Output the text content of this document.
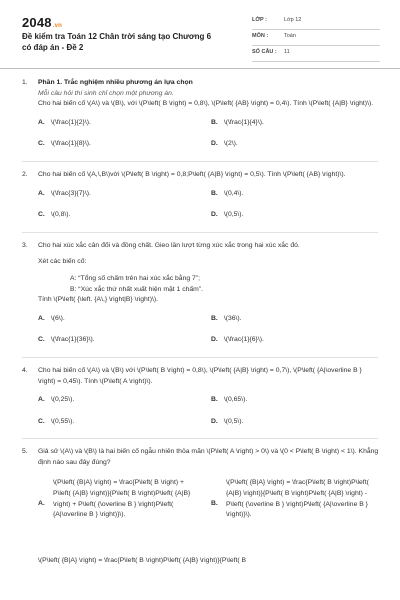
2048.vn
Đề kiểm tra Toán 12 Chân trời sáng tạo Chương 6 có đáp án - Đề 2
LỚP :	Lớp 12
MÔN :	Toán
SỐ CÂU : 11
1. Phần 1. Trắc nghiệm nhiều phương án lựa chọn
Mỗi câu hỏi thí sinh chỉ chọn một phương án.
Cho hai biến cố \(A\) và \(B\), với \(P\left( B \right) = 0,8\), \(P\left( {AB} \right) = 0,4\). Tính \(P\left( {A|B} \right)\).
A. \(\frac{1}{2}\).	B. \(\frac{1}{4}\).
C. \(\frac{1}{8}\).	D. \(2\).
2. Cho hai biến cố \(A,\,B\)với \(P\left( B \right) = 0,8;P\left( {A|B} \right) = 0,5\). Tính \(P\left( {AB} \right)\).
A. \(\frac{3}{7}\).	B. \(0,4\).
C. \(0,8\).	D. \(0,5\).
3. Cho hai xúc xắc cân đối và đồng chất. Gieo lần lượt từng xúc xắc trong hai xúc xắc đó.
Xét các biến cố:
A: “Tổng số chấm trên hai xúc xắc bằng 7”;
B: “Xúc xắc thứ nhất xuất hiện mặt 1 chấm”.
Tính \(P\left( {\left. {A\,} \right|B} \right)\).
A. \(6\).	B. \(36\).
C. \(\frac{1}{36}\).	D. \(\frac{1}{6}\).
4. Cho hai biến cố \(A\) và \(B\) với \(P\left( B \right) = 0,8\), \(P\left( {A|B} \right) = 0,7\), \(P\left( {A|\overline B } \right) = 0,45\). Tính \(P\left( A \right)\).
A. \(0,25\).	B. \(0,65\).
C. \(0,55\).	D. \(0,5\).
5. Giả sử \(A\) và \(B\) là hai biến cố ngẫu nhiên thỏa mãn \(P\left( A \right) > 0\) và \(0 < P\left( B \right) < 1\). Khẳng định nào sau đây đúng?
A.
\(P\left( {B|A} \right) = \frac{P\left( B \right) + P\left( {A|B} \right)}{P\left( B \right)P\left( {A|B} \right) + P\left( {\overline B } \right)P\left( {A|\overline B } \right)}\).
B.
\(P\left( {B|A} \right) = \frac{P\left( B \right)P\left( {A|B} \right)}{P\left( B \right)P\left( {A|B} \right) - P\left( {\overline B } \right)P\left( {A|\overline B } \right)}\).
\(P\left( {B|A} \right) = \frac{P\left( B \right)P\left( {A|B} \right)}{P\left( B
